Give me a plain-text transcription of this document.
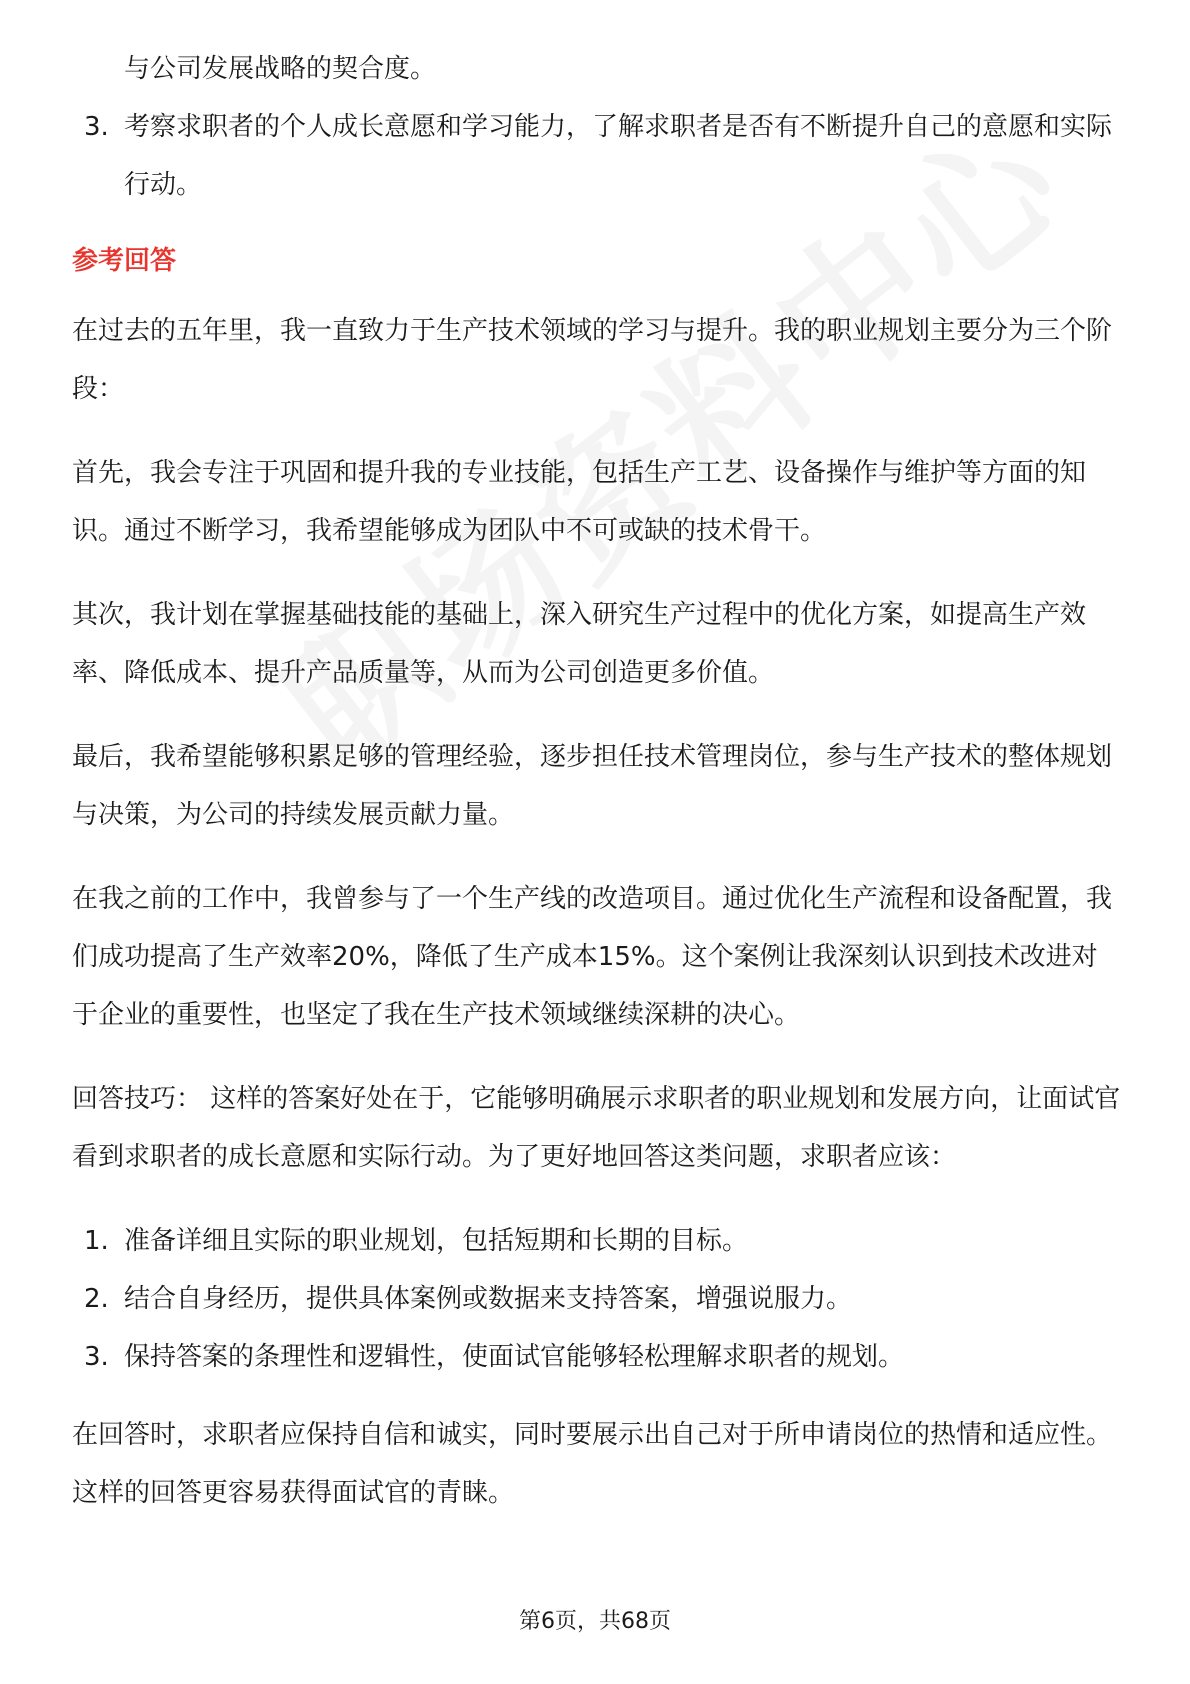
与公司发展战略的契合度。
3. 考察求职者的个人成长意愿和学习能力，了解求职者是否有不断提升自己的意愿和实际行动。
参考回答

在过去的五年里，我一直致力于生产技术领域的学习与提升。我的职业规划主要分为三个阶段：

首先，我会专注于巩固和提升我的专业技能，包括生产工艺、设备操作与维护等方面的知识。通过不断学习，我希望能够成为团队中不可或缺的技术骨干。

其次，我计划在掌握基础技能的基础上，深入研究生产过程中的优化方案，如提高生产效率、降低成本、提升产品质量等，从而为公司创造更多价值。

最后，我希望能够积累足够的管理经验，逐步担任技术管理岗位，参与生产技术的整体规划与决策，为公司的持续发展贡献力量。

在我之前的工作中，我曾参与了一个生产线的改造项目。通过优化生产流程和设备配置，我们成功提高了生产效率20%，降低了生产成本15%。这个案例让我深刻认识到技术改进对于企业的重要性，也坚定了我在生产技术领域继续深耕的决心。

回答技巧： 这样的答案好处在于，它能够明确展示求职者的职业规划和发展方向，让面试官看到求职者的成长意愿和实际行动。为了更好地回答这类问题，求职者应该：

1. 准备详细且实际的职业规划，包括短期和长期的目标。
2. 结合自身经历，提供具体案例或数据来支持答案，增强说服力。
3. 保持答案的条理性和逻辑性，使面试官能够轻松理解求职者的规划。

在回答时，求职者应保持自信和诚实，同时要展示出自己对于所申请岗位的热情和适应性。这样的回答更容易获得面试官的青睐。

第6页，共68页
